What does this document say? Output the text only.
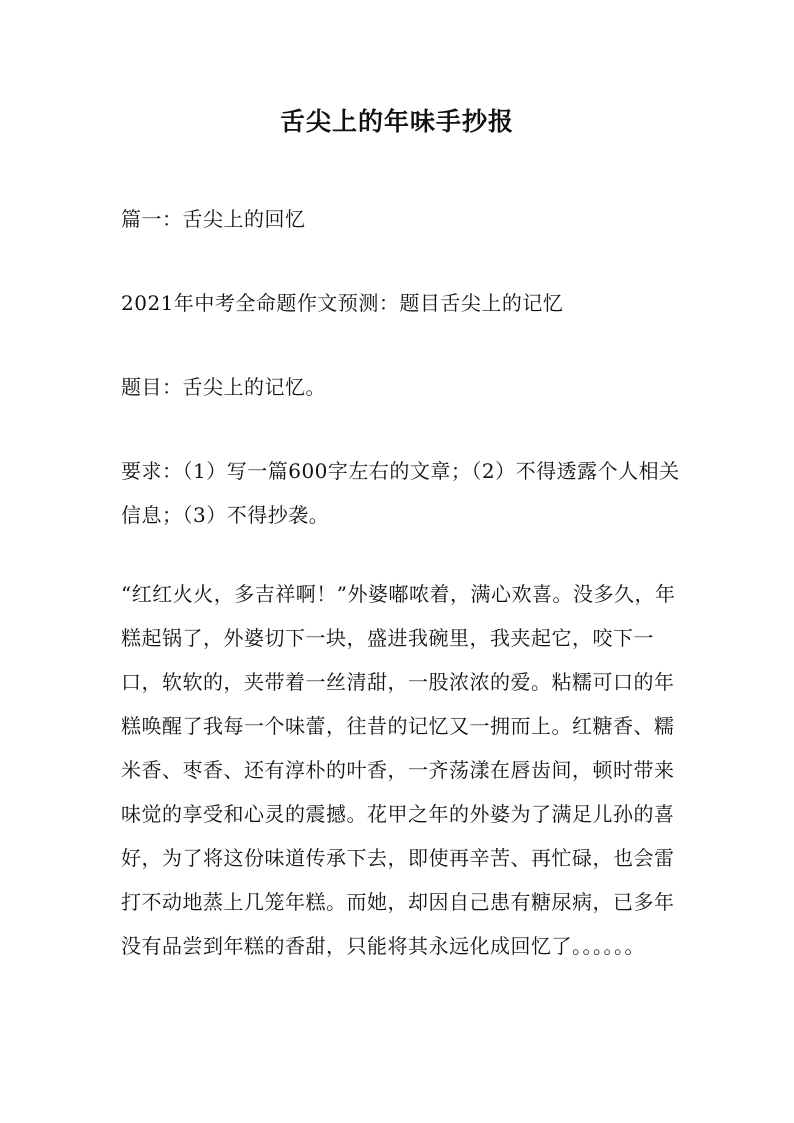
舌尖上的年味手抄报

篇一：舌尖上的回忆

2021年中考全命题作文预测：题目舌尖上的记忆

题目：舌尖上的记忆。

要求：（1）写一篇600字左右的文章；（2）不得透露个人相关信息；（3）不得抄袭。

“红红火火，多吉祥啊！”外婆嘟哝着，满心欢喜。没多久，年糕起锅了，外婆切下一块，盛进我碗里，我夹起它，咬下一口，软软的，夹带着一丝清甜，一股浓浓的爱。粘糯可口的年糕唤醒了我每一个味蕾，往昔的记忆又一拥而上。红糖香、糯米香、枣香、还有淳朴的叶香，一齐荡漾在唇齿间，顿时带来味觉的享受和心灵的震撼。花甲之年的外婆为了满足儿孙的喜好，为了将这份味道传承下去，即使再辛苦、再忙碌，也会雷打不动地蒸上几笼年糕。而她，却因自己患有糖尿病，已多年没有品尝到年糕的香甜，只能将其永远化成回忆了。。。。。。
